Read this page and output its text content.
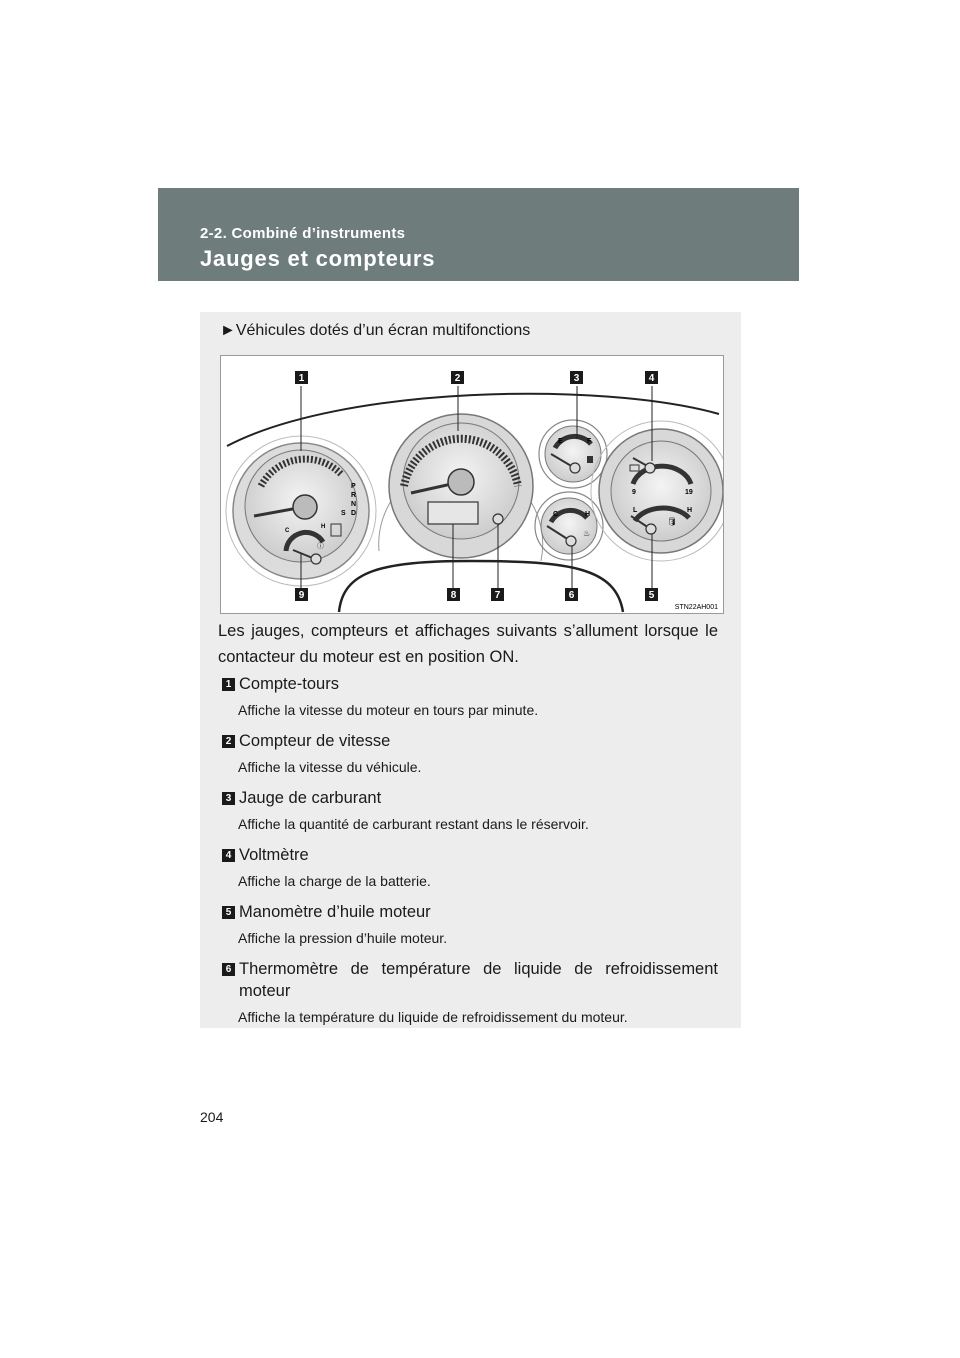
2-2. Combiné d’instruments
Jauges et compteurs
►Véhicules dotés d’un écran multifonctions
P
R
N
D
S
C
H
ⓘ
E	F
C	H
♨
9	19
L	H
🛢
1	2	3	4
9	8	7	6	5
STN22AH001
Les jauges, compteurs et affichages suivants s’allument lorsque le contacteur du moteur est en position ON.
1 Compte-tours
Affiche la vitesse du moteur en tours par minute.
2 Compteur de vitesse
Affiche la vitesse du véhicule.
3 Jauge de carburant
Affiche la quantité de carburant restant dans le réservoir.
4 Voltmètre
Affiche la charge de la batterie.
5 Manomètre d’huile moteur
Affiche la pression d’huile moteur.
6 Thermomètre de température de liquide de refroidissement
moteur
Affiche la température du liquide de refroidissement du moteur.
204
